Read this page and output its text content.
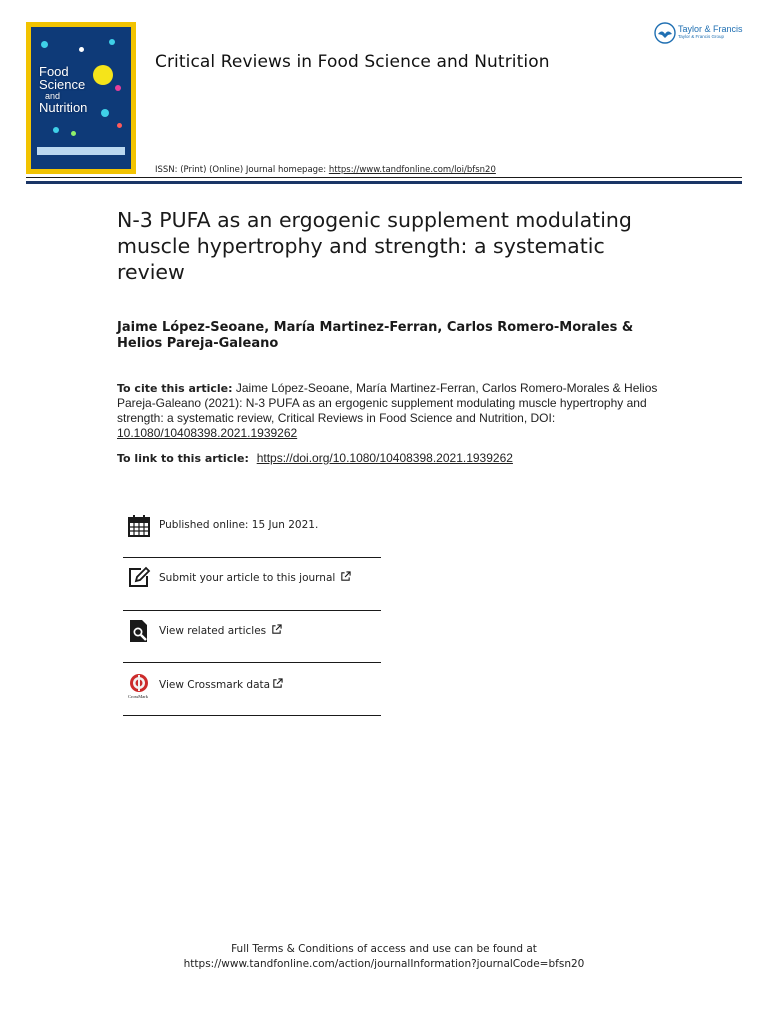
Food
Science
and
Nutrition
Critical Reviews in Food Science and Nutrition
ISSN: (Print) (Online) Journal homepage: https://www.tandfonline.com/loi/bfsn20
Taylor & Francis
Taylor & Francis Group
N-3 PUFA as an ergogenic supplement modulating muscle hypertrophy and strength: a systematic review
Jaime López-Seoane, María Martinez-Ferran, Carlos Romero-Morales &
Helios Pareja-Galeano
To cite this article: Jaime López-Seoane, María Martinez-Ferran, Carlos Romero-Morales & Helios Pareja-Galeano (2021): N-3 PUFA as an ergogenic supplement modulating muscle hypertrophy and strength: a systematic review, Critical Reviews in Food Science and Nutrition, DOI: 10.1080/10408398.2021.1939262
To link to this article: https://doi.org/10.1080/10408398.2021.1939262
Published online: 15 Jun 2021.
Submit your article to this journal
View related articles
CrossMark
View Crossmark data
Full Terms & Conditions of access and use can be found at
https://www.tandfonline.com/action/journalInformation?journalCode=bfsn20
